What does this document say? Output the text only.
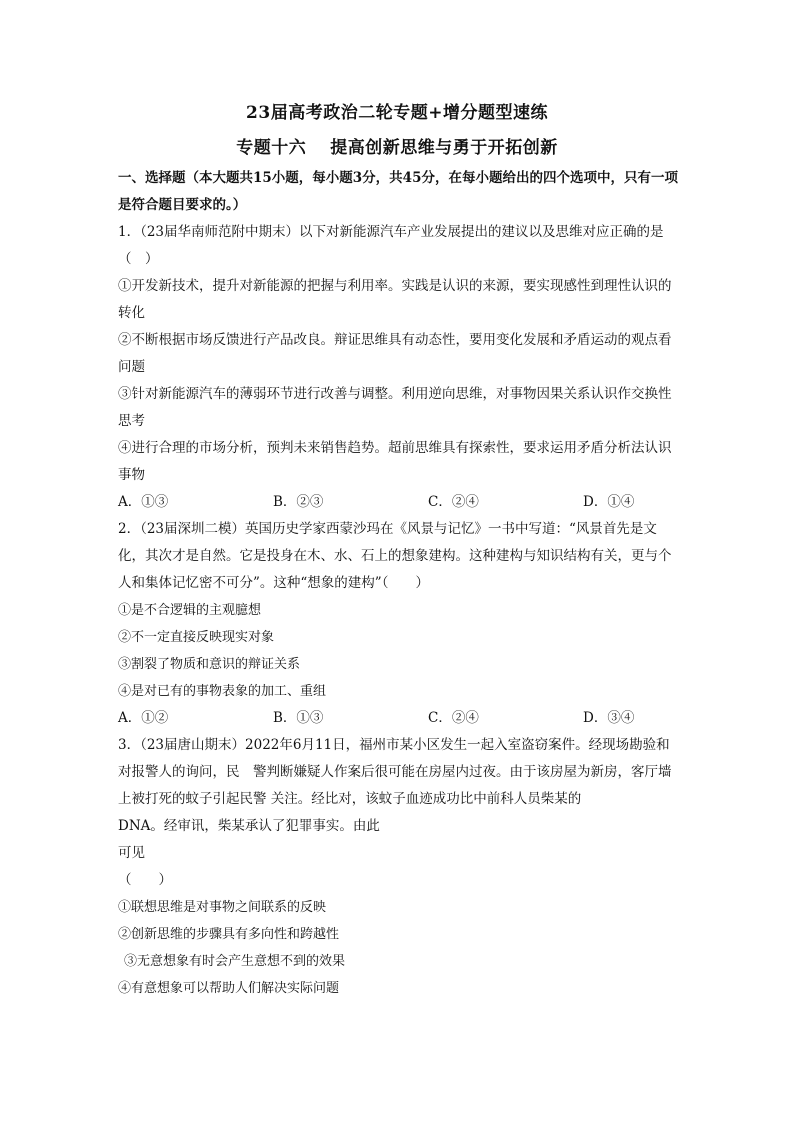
23届高考政治二轮专题+增分题型速练
专题十六　 提高创新思维与勇于开拓创新
一、选择题（本大题共15小题，每小题3分，共45分，在每小题给出的四个选项中，只有一项是符合题目要求的。）
1．（23届华南师范附中期末）以下对新能源汽车产业发展提出的建议以及思维对应正确的是（　）
①开发新技术，提升对新能源的把握与利用率。实践是认识的来源，要实现感性到理性认识的转化
②不断根据市场反馈进行产品改良。辩证思维具有动态性，要用变化发展和矛盾运动的观点看问题
③针对新能源汽车的薄弱环节进行改善与调整。利用逆向思维，对事物因果关系认识作交换性思考
④进行合理的市场分析，预判未来销售趋势。超前思维具有探索性，要求运用矛盾分析法认识事物
A．①③	B．②③	C．②④	D．①④
2．（23届深圳二模）英国历史学家西蒙沙玛在《风景与记忆》一书中写道：“风景首先是文化，其次才是自然。它是投身在木、水、石上的想象建构。这种建构与知识结构有关，更与个人和集体记忆密不可分”。这种“想象的建构”（　　）
①是不合逻辑的主观臆想
②不一定直接反映现实对象
③割裂了物质和意识的辩证关系
④是对已有的事物表象的加工、重组
A．①②	B．①③	C．②④	D．③④
3．（23届唐山期末）2022年6月11日，福州市某小区发生一起入室盗窃案件。经现场勘验和对报警人的询问，民　警判断嫌疑人作案后很可能在房屋内过夜。由于该房屋为新房，客厅墙上被打死的蚊子引起民警 关注。经比对，该蚊子血迹成功比中前科人员柴某的
DNA。经审讯，柴某承认了犯罪事实。由此
可见
（　　）
①联想思维是对事物之间联系的反映
②创新思维的步骤具有多向性和跨越性
③无意想象有时会产生意想不到的效果
④有意想象可以帮助人们解决实际问题
